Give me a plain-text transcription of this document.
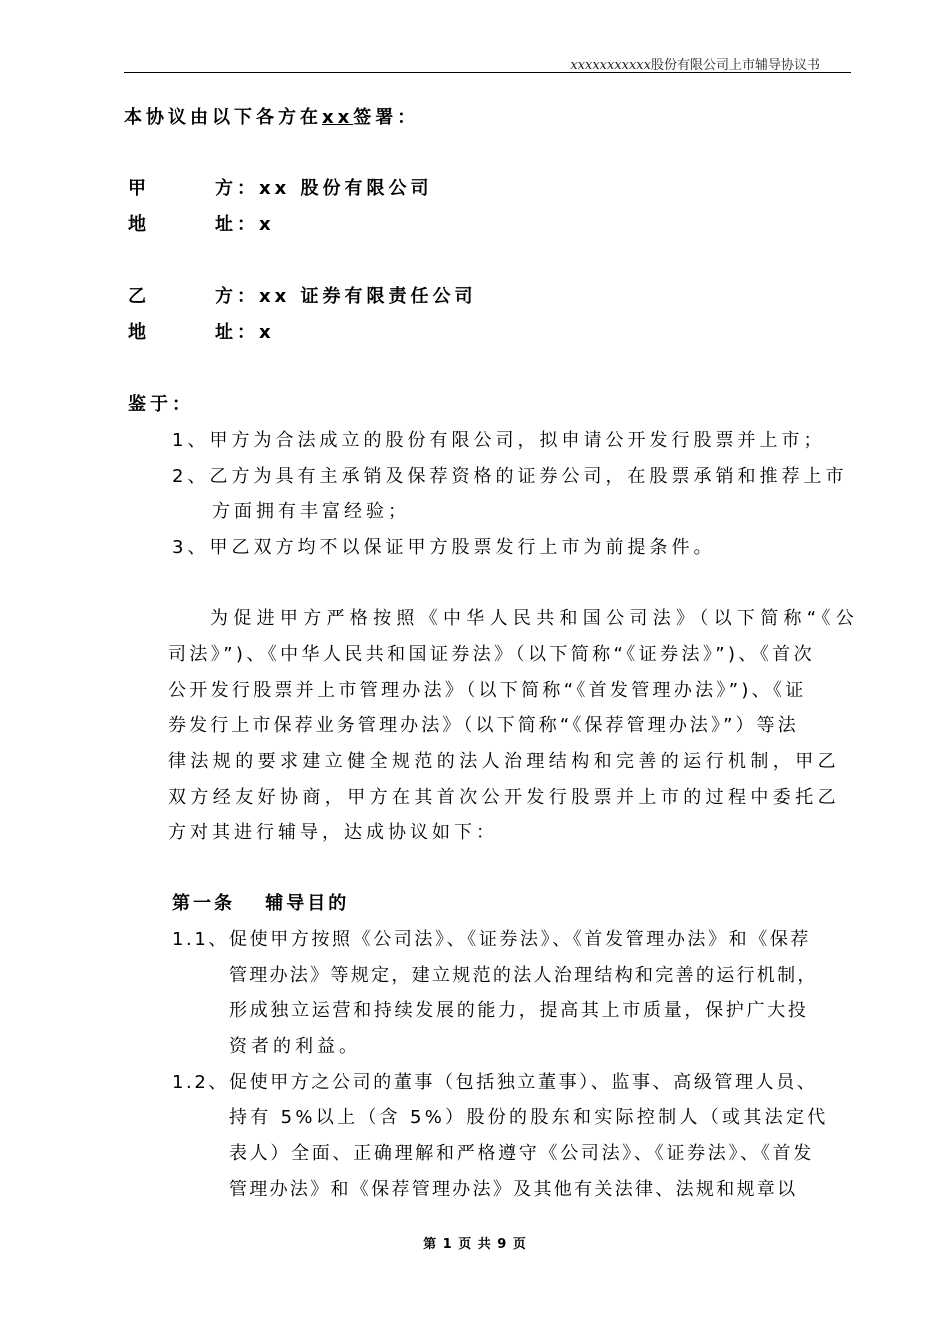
xxxxxxxxxxx股份有限公司上市辅导协议书
本协议由以下各方在xx签署：
甲	方：xx 股份有限公司
地	址：x
乙	方：xx 证券有限责任公司
地	址：x
鉴于：
1、甲方为合法成立的股份有限公司，拟申请公开发行股票并上市；
2、乙方为具有主承销及保荐资格的证券公司，在股票承销和推荐上市
方面拥有丰富经验；
3、甲乙双方均不以保证甲方股票发行上市为前提条件。
为促进甲方严格按照《中华人民共和国公司法》（以下简称“《公
司法》”)、《中华人民共和国证券法》（以下简称“《证券法》”)、《首次
公开发行股票并上市管理办法》（以下简称“《首发管理办法》”)、《证
券发行上市保荐业务管理办法》（以下简称“《保荐管理办法》”）等法
律法规的要求建立健全规范的法人治理结构和完善的运行机制，甲乙
双方经友好协商，甲方在其首次公开发行股票并上市的过程中委托乙
方对其进行辅导，达成协议如下：
第一条　 辅导目的
1.1、促使甲方按照《公司法》、《证券法》、《首发管理办法》和《保荐
管理办法》等规定，建立规范的法人治理结构和完善的运行机制，
形成独立运营和持续发展的能力，提高其上市质量，保护广大投
资者的利益。
1.2、促使甲方之公司的董事（包括独立董事）、监事、高级管理人员、
持有 5%以上（含 5%）股份的股东和实际控制人（或其法定代
表人）全面、正确理解和严格遵守《公司法》、《证券法》、《首发
管理办法》和《保荐管理办法》及其他有关法律、法规和规章以
第 1 页 共 9 页
